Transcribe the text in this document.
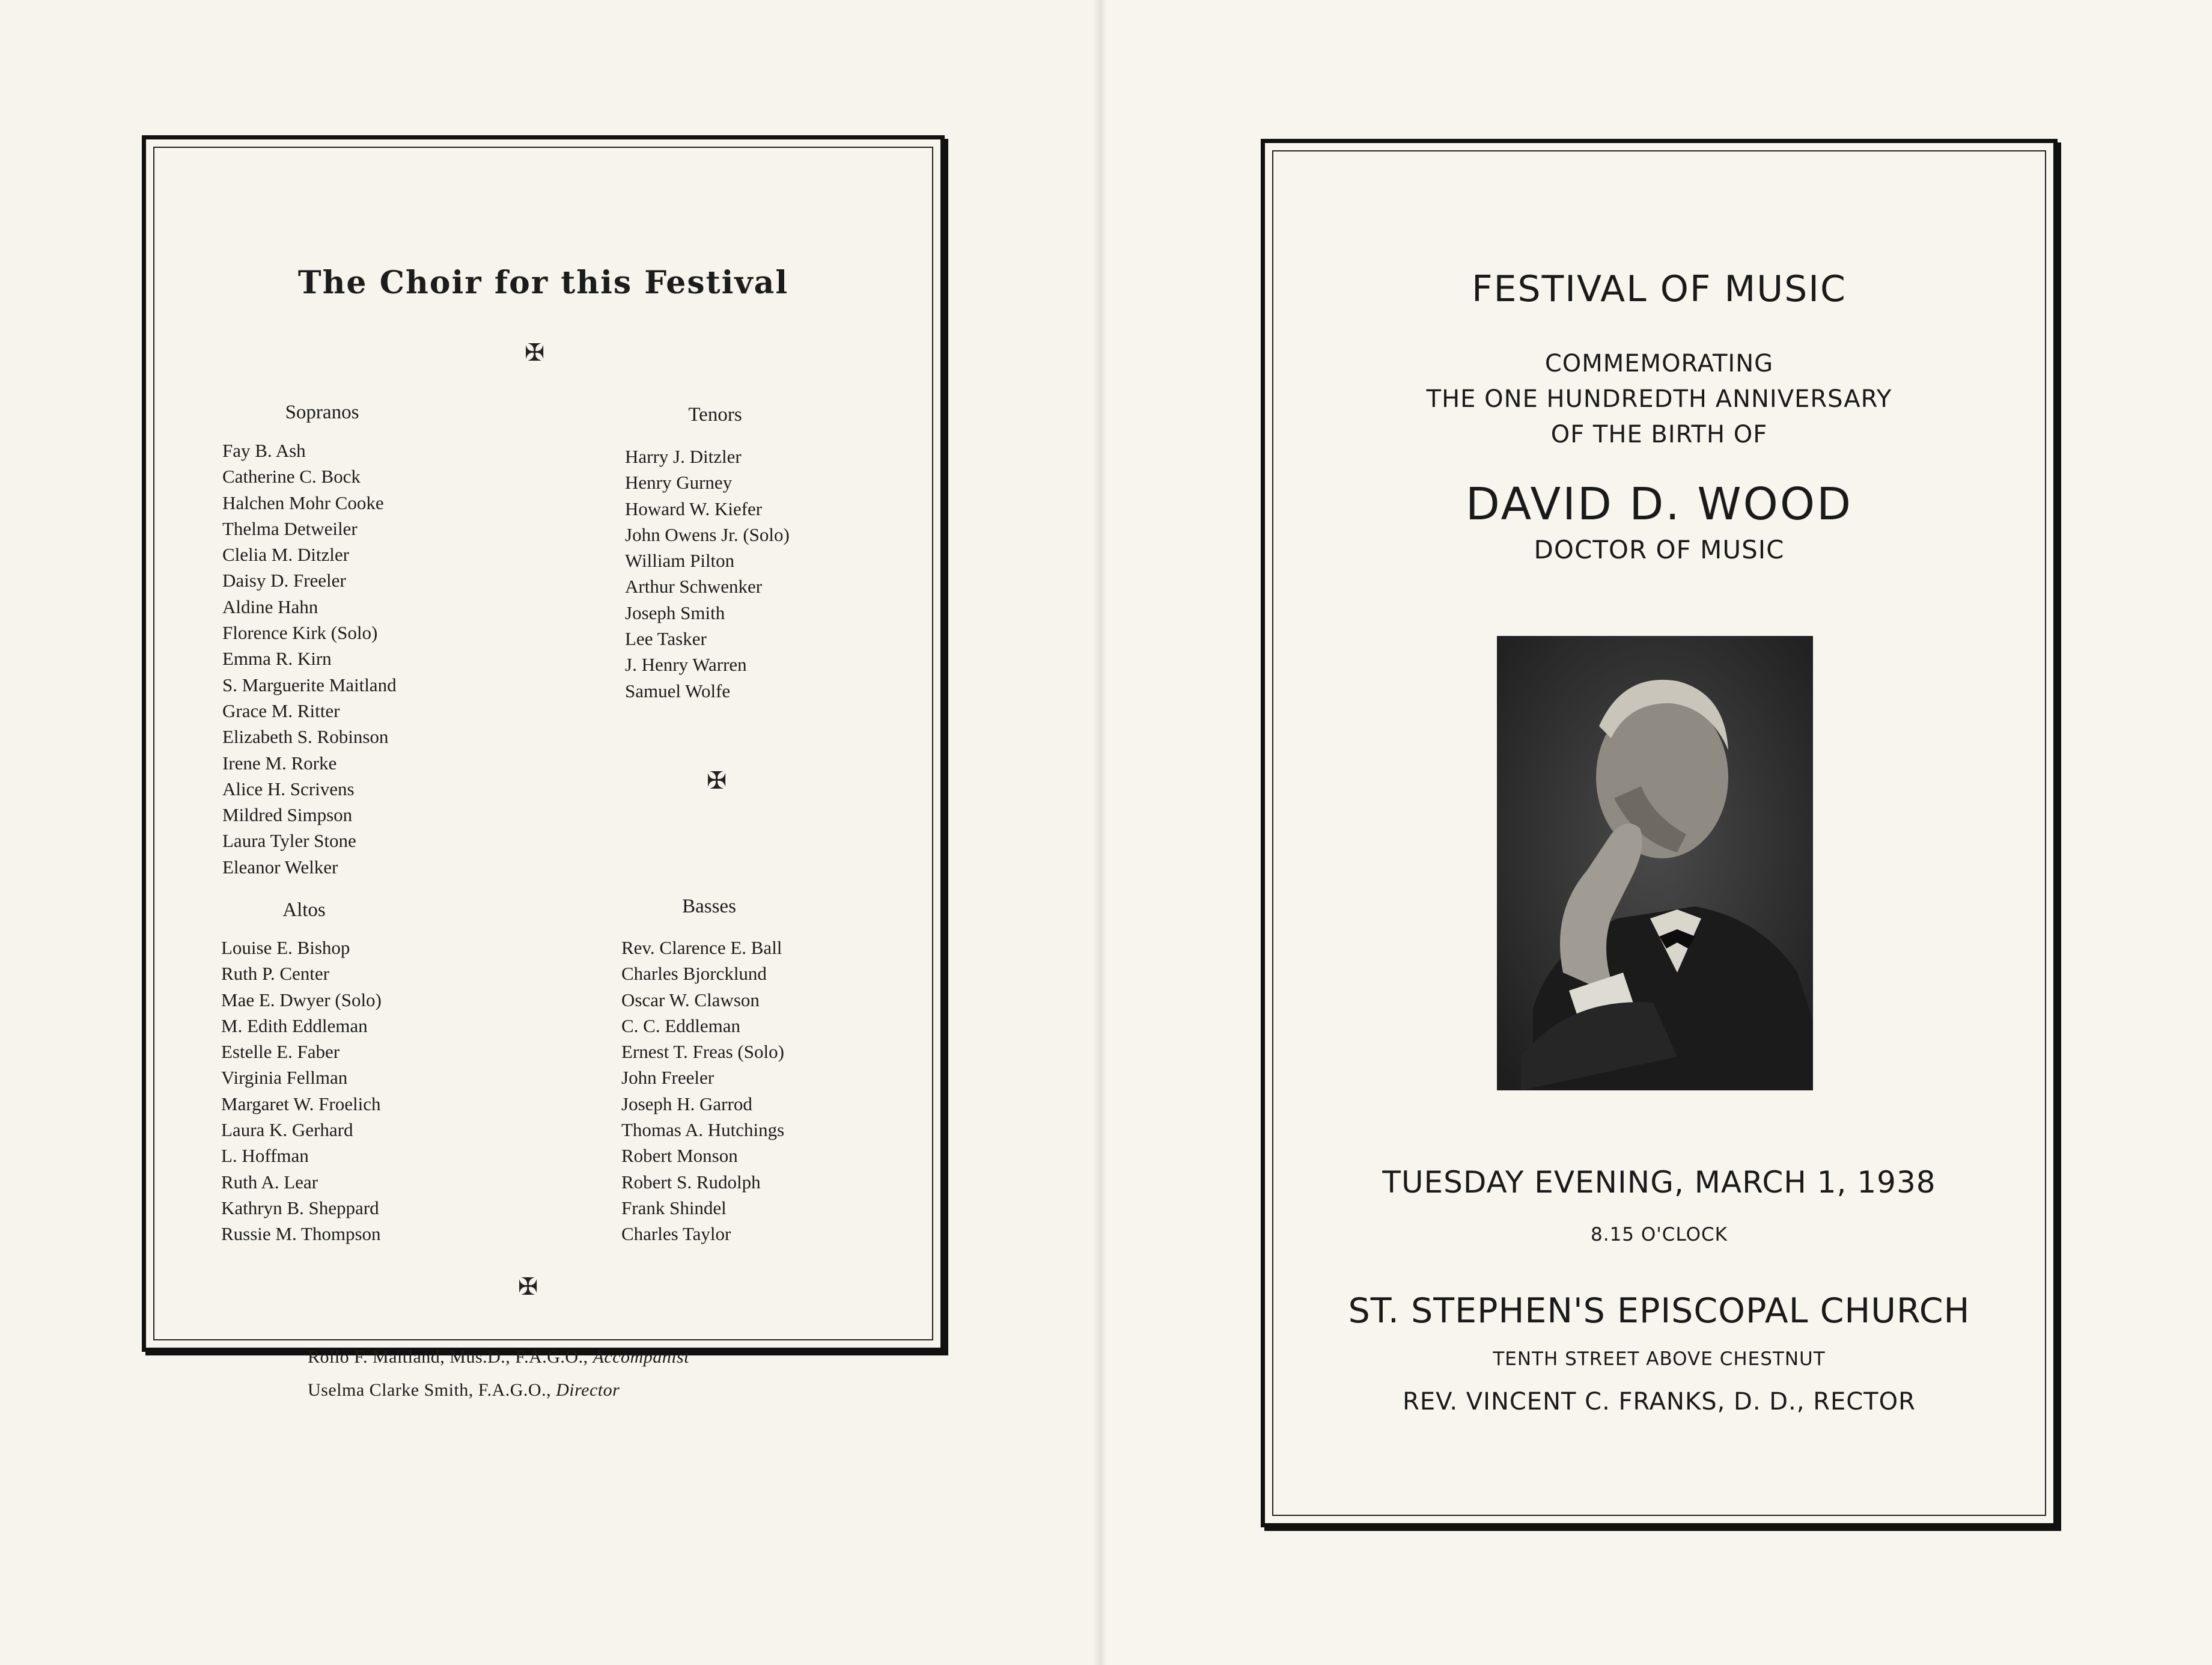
The Choir for this Festival
✠
Sopranos
Fay B. Ash
Catherine C. Bock
Halchen Mohr Cooke
Thelma Detweiler
Clelia M. Ditzler
Daisy D. Freeler
Aldine Hahn
Florence Kirk (Solo)
Emma R. Kirn
S. Marguerite Maitland
Grace M. Ritter
Elizabeth S. Robinson
Irene M. Rorke
Alice H. Scrivens
Mildred Simpson
Laura Tyler Stone
Eleanor Welker
Tenors
Harry J. Ditzler
Henry Gurney
Howard W. Kiefer
John Owens Jr. (Solo)
William Pilton
Arthur Schwenker
Joseph Smith
Lee Tasker
J. Henry Warren
Samuel Wolfe
✠
Altos
Louise E. Bishop
Ruth P. Center
Mae E. Dwyer (Solo)
M. Edith Eddleman
Estelle E. Faber
Virginia Fellman
Margaret W. Froelich
Laura K. Gerhard
L. Hoffman
Ruth A. Lear
Kathryn B. Sheppard
Russie M. Thompson
Basses
Rev. Clarence E. Ball
Charles Bjorcklund
Oscar W. Clawson
C. C. Eddleman
Ernest T. Freas (Solo)
John Freeler
Joseph H. Garrod
Thomas A. Hutchings
Robert Monson
Robert S. Rudolph
Frank Shindel
Charles Taylor
✠
Rollo F. Maitland, Mus.D., F.A.G.O., Accompanist
Uselma Clarke Smith, F.A.G.O., Director
FESTIVAL OF MUSIC
COMMEMORATING
THE ONE HUNDREDTH ANNIVERSARY
OF THE BIRTH OF
DAVID D. WOOD
DOCTOR OF MUSIC
TUESDAY EVENING, MARCH 1, 1938
8.15 O'CLOCK
ST. STEPHEN'S EPISCOPAL CHURCH
TENTH STREET ABOVE CHESTNUT
REV. VINCENT C. FRANKS, D. D., RECTOR
